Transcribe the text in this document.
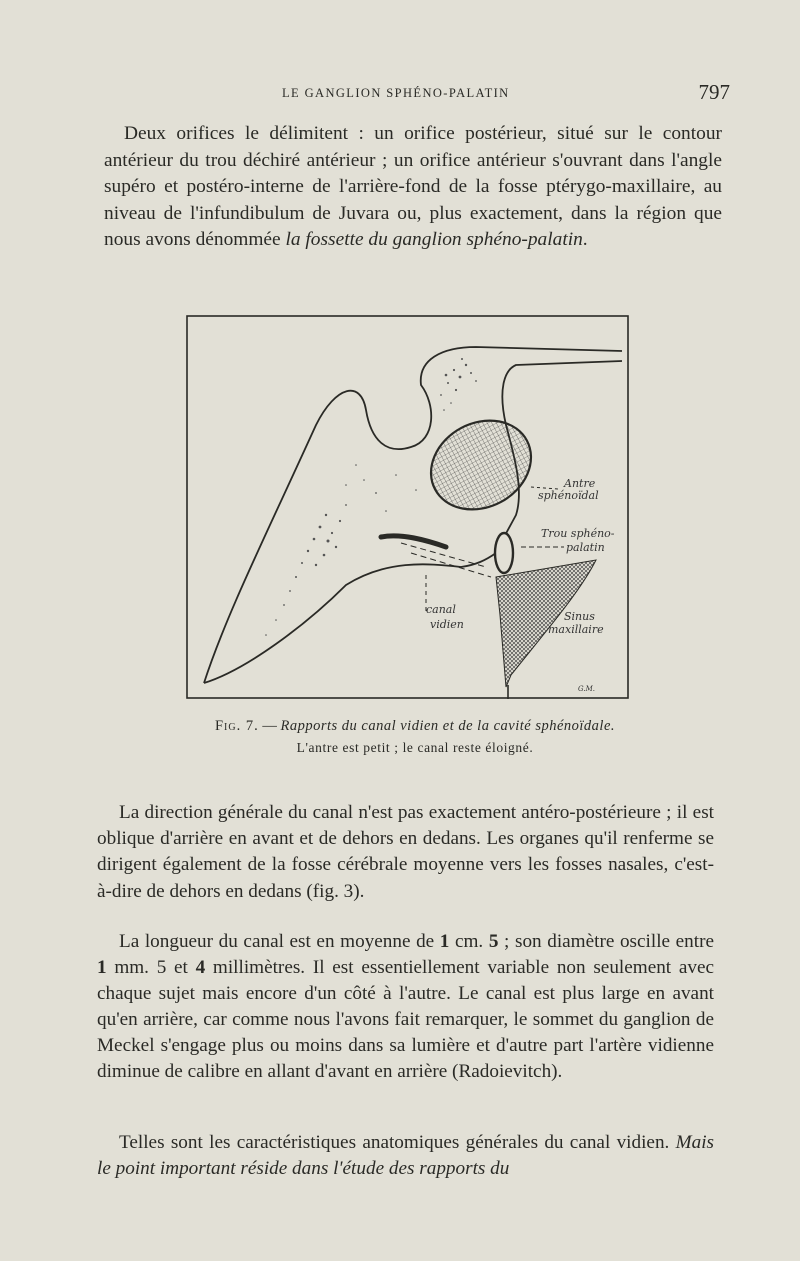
LE GANGLION SPHÉNO-PALATIN	797

Deux orifices le délimitent : un orifice postérieur, situé sur le contour antérieur du trou déchiré antérieur ; un orifice antérieur s'ouvrant dans l'angle supéro et postéro-interne de l'arrière-fond de la fosse ptérygo-maxillaire, au niveau de l'infundibulum de Juvara ou, plus exactement, dans la région que nous avons dénommée la fossette du ganglion sphéno-palatin.

Antre
sphénoïdal
Trou sphéno-
palatin
canal
vidien
Sinus
maxillaire
G.M.
Fig. 7. — Rapports du canal vidien et de la cavité sphénoïdale.
L'antre est petit ; le canal reste éloigné.

La direction générale du canal n'est pas exactement antéro-postérieure ; il est oblique d'arrière en avant et de dehors en dedans. Les organes qu'il renferme se dirigent également de la fosse cérébrale moyenne vers les fosses nasales, c'est-à-dire de dehors en dedans (fig. 3).

La longueur du canal est en moyenne de 1 cm. 5 ; son diamètre oscille entre 1 mm. 5 et 4 millimètres. Il est essentiellement variable non seulement avec chaque sujet mais encore d'un côté à l'autre. Le canal est plus large en avant qu'en arrière, car comme nous l'avons fait remarquer, le sommet du ganglion de Meckel s'engage plus ou moins dans sa lumière et d'autre part l'artère vidienne diminue de calibre en allant d'avant en arrière (Radoievitch).

Telles sont les caractéristiques anatomiques générales du canal vidien. Mais le point important réside dans l'étude des rapports du
